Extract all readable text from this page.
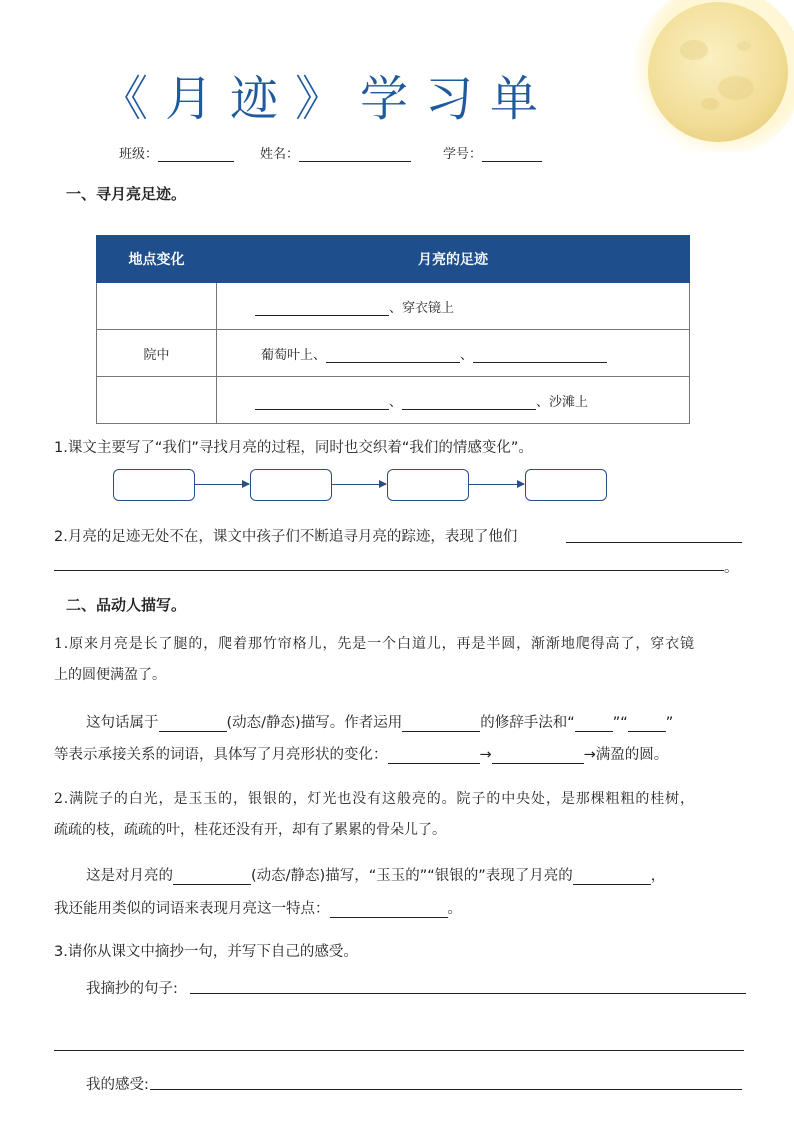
《月迹》学习单
班级：	姓名：	学号：
一、寻月亮足迹。
地点变化	月亮的足迹
	、穿衣镜上
院中	葡萄叶上、 、
	、 、沙滩上
1.课文主要写了“我们”寻找月亮的过程，同时也交织着“我们的情感变化”。
2.月亮的足迹无处不在，课文中孩子们不断追寻月亮的踪迹，表现了他们
。
二、品动人描写。
1.原来月亮是长了腿的，爬着那竹帘格儿，先是一个白道儿，再是半圆，渐渐地爬得高了，穿衣镜
上的圆便满盈了。
这句话属于	(动态/静态)描写。作者运用	的修辞手法和“	”“	”
等表示承接关系的词语，具体写了月亮形状的变化：	→	→满盈的圆。
2.满院子的白光，是玉玉的，银银的，灯光也没有这般亮的。院子的中央处，是那棵粗粗的桂树，
疏疏的枝，疏疏的叶，桂花还没有开，却有了累累的骨朵儿了。
这是对月亮的	(动态/静态)描写，“玉玉的”“银银的”表现了月亮的	，
我还能用类似的词语来表现月亮这一特点：	。
3.请你从课文中摘抄一句，并写下自己的感受。
我摘抄的句子:
我的感受:
